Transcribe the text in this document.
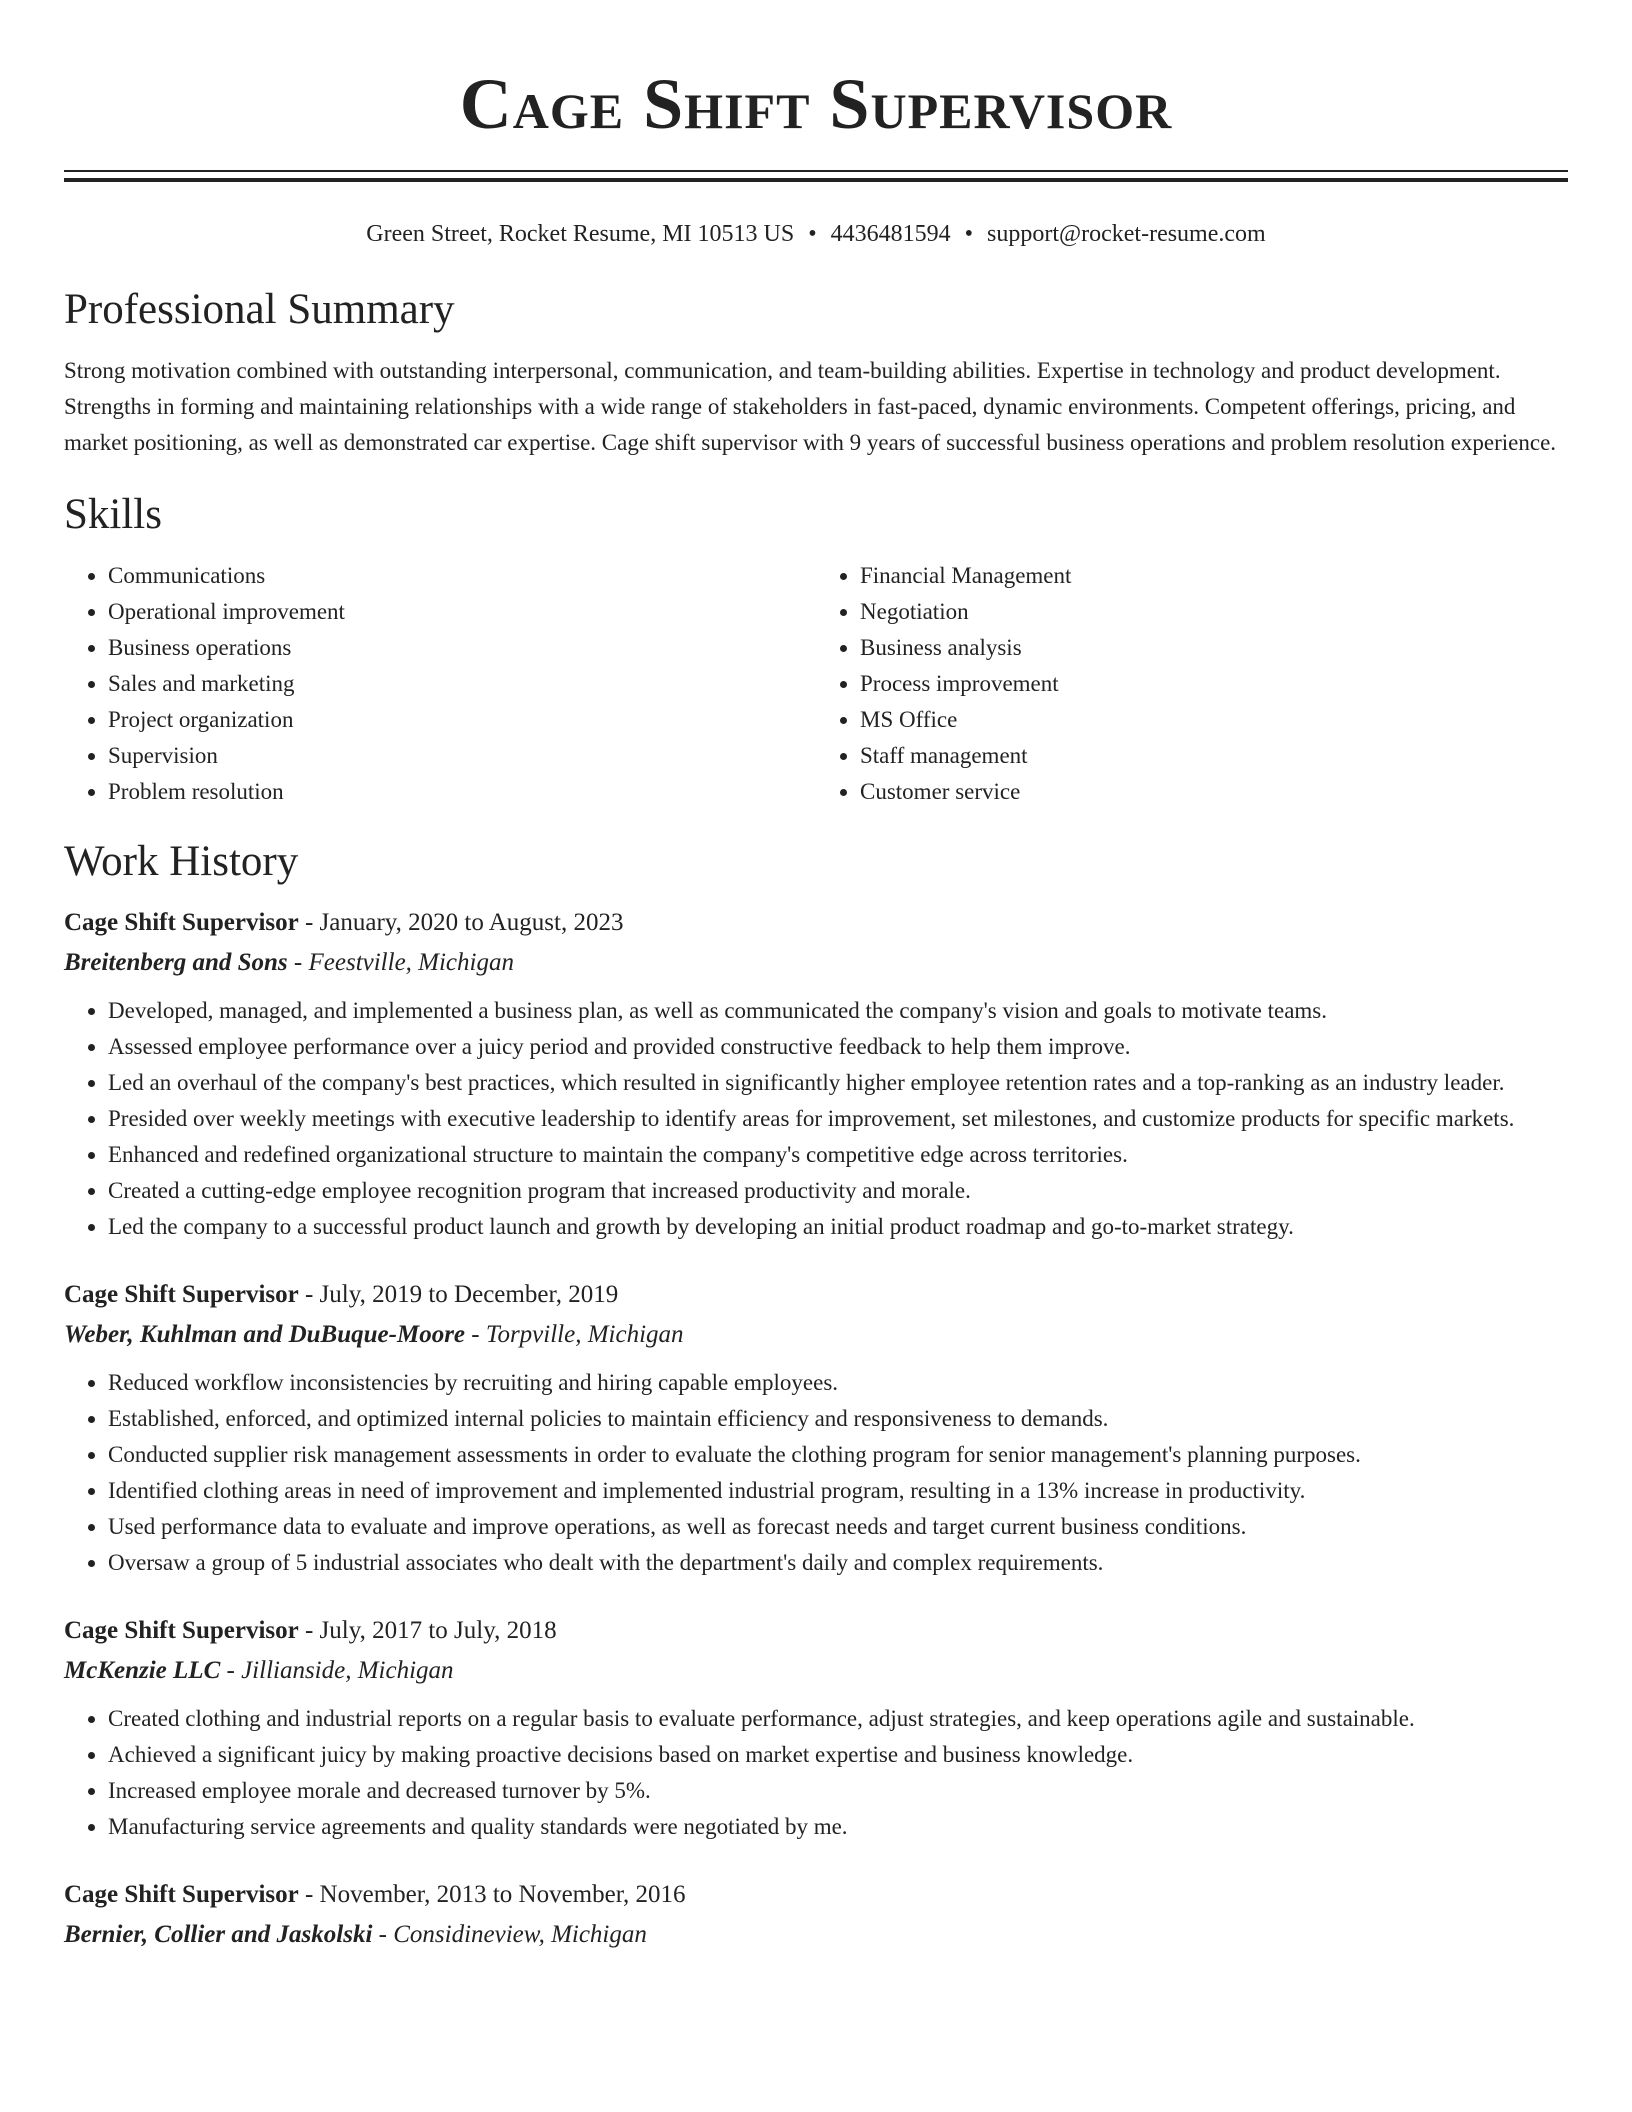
Cage Shift Supervisor
Green Street, Rocket Resume, MI 10513 US • 4436481594 • support@rocket-resume.com
Professional Summary
Strong motivation combined with outstanding interpersonal, communication, and team-building abilities. Expertise in technology and product development. Strengths in forming and maintaining relationships with a wide range of stakeholders in fast-paced, dynamic environments. Competent offerings, pricing, and market positioning, as well as demonstrated car expertise. Cage shift supervisor with 9 years of successful business operations and problem resolution experience.
Skills
• Communications
• Operational improvement
• Business operations
• Sales and marketing
• Project organization
• Supervision
• Problem resolution
• Financial Management
• Negotiation
• Business analysis
• Process improvement
• MS Office
• Staff management
• Customer service
Work History
Cage Shift Supervisor - January, 2020 to August, 2023
Breitenberg and Sons - Feestville, Michigan
• Developed, managed, and implemented a business plan, as well as communicated the company's vision and goals to motivate teams.
• Assessed employee performance over a juicy period and provided constructive feedback to help them improve.
• Led an overhaul of the company's best practices, which resulted in significantly higher employee retention rates and a top-ranking as an industry leader.
• Presided over weekly meetings with executive leadership to identify areas for improvement, set milestones, and customize products for specific markets.
• Enhanced and redefined organizational structure to maintain the company's competitive edge across territories.
• Created a cutting-edge employee recognition program that increased productivity and morale.
• Led the company to a successful product launch and growth by developing an initial product roadmap and go-to-market strategy.
Cage Shift Supervisor - July, 2019 to December, 2019
Weber, Kuhlman and DuBuque-Moore - Torpville, Michigan
• Reduced workflow inconsistencies by recruiting and hiring capable employees.
• Established, enforced, and optimized internal policies to maintain efficiency and responsiveness to demands.
• Conducted supplier risk management assessments in order to evaluate the clothing program for senior management's planning purposes.
• Identified clothing areas in need of improvement and implemented industrial program, resulting in a 13% increase in productivity.
• Used performance data to evaluate and improve operations, as well as forecast needs and target current business conditions.
• Oversaw a group of 5 industrial associates who dealt with the department's daily and complex requirements.
Cage Shift Supervisor - July, 2017 to July, 2018
McKenzie LLC - Jillianside, Michigan
• Created clothing and industrial reports on a regular basis to evaluate performance, adjust strategies, and keep operations agile and sustainable.
• Achieved a significant juicy by making proactive decisions based on market expertise and business knowledge.
• Increased employee morale and decreased turnover by 5%.
• Manufacturing service agreements and quality standards were negotiated by me.
Cage Shift Supervisor - November, 2013 to November, 2016
Bernier, Collier and Jaskolski - Considineview, Michigan
